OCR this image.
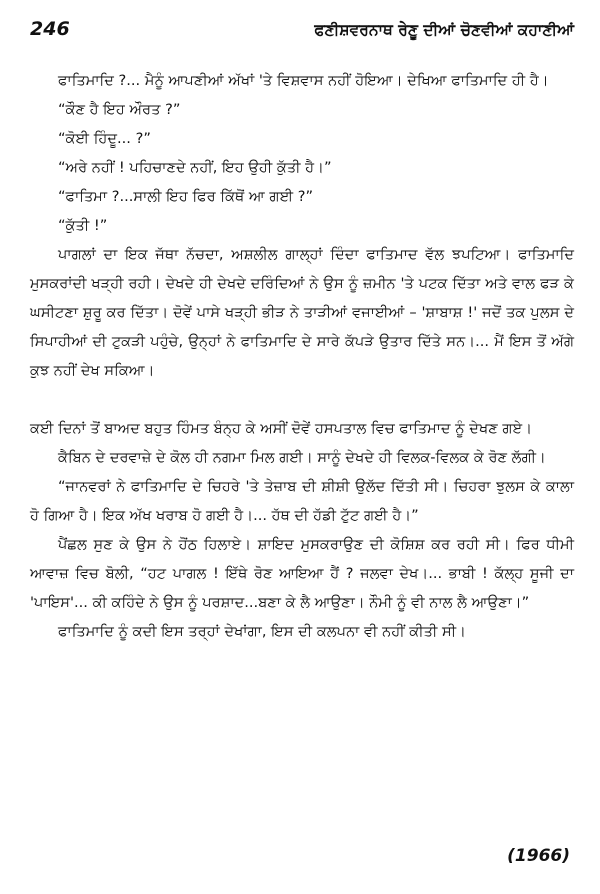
246	ਫਣੀਸ਼ਵਰਨਾਥ ਰੇਣੂ ਦੀਆਂ ਚੋਣਵੀਆਂ ਕਹਾਣੀਆਂ

ਫਾਤਿਮਾਦਿ ?... ਮੈਨੂੰ ਆਪਣੀਆਂ ਅੱਖਾਂ 'ਤੇ ਵਿਸ਼ਵਾਸ ਨਹੀਂ ਹੋਇਆ। ਦੇਖਿਆ ਫਾਤਿਮਾਦਿ ਹੀ ਹੈ।

“ਕੌਣ ਹੈ ਇਹ ਔਰਤ ?”

“ਕੋਈ ਹਿੰਦੂ... ?”

“ਅਰੇ ਨਹੀਂ ! ਪਹਿਚਾਣਦੇ ਨਹੀਂ, ਇਹ ਉਹੀ ਕੁੱਤੀ ਹੈ।”

“ਫਾਤਿਮਾ ?...ਸਾਲੀ ਇਹ ਫਿਰ ਕਿੱਥੋਂ ਆ ਗਈ ?”

“ਕੁੱਤੀ !”

ਪਾਗਲਾਂ ਦਾ ਇਕ ਜੱਥਾ ਨੱਚਦਾ, ਅਸ਼ਲੀਲ ਗਾਲ੍ਹਾਂ ਦਿੰਦਾ ਫਾਤਿਮਾਦ ਵੱਲ ਝਪਟਿਆ। ਫਾਤਿਮਾਦਿ ਮੁਸਕਰਾਂਦੀ ਖੜ੍ਹੀ ਰਹੀ। ਦੇਖਦੇ ਹੀ ਦੇਖਦੇ ਦਰਿੰਦਿਆਂ ਨੇ ਉਸ ਨੂੰ ਜ਼ਮੀਨ 'ਤੇ ਪਟਕ ਦਿੱਤਾ ਅਤੇ ਵਾਲ ਫੜ ਕੇ ਘਸੀਟਣਾ ਸ਼ੁਰੂ ਕਰ ਦਿੱਤਾ। ਦੋਵੇਂ ਪਾਸੇ ਖੜ੍ਹੀ ਭੀੜ ਨੇ ਤਾੜੀਆਂ ਵਜਾਈਆਂ – 'ਸ਼ਾਬਾਸ਼ !' ਜਦੋਂ ਤਕ ਪੁਲਸ ਦੇ ਸਿਪਾਹੀਆਂ ਦੀ ਟੁਕੜੀ ਪਹੁੰਚੇ, ਉਨ੍ਹਾਂ ਨੇ ਫਾਤਿਮਾਦਿ ਦੇ ਸਾਰੇ ਕੱਪੜੇ ਉਤਾਰ ਦਿੱਤੇ ਸਨ।... ਮੈਂ ਇਸ ਤੋਂ ਅੱਗੇ ਕੁਝ ਨਹੀਂ ਦੇਖ ਸਕਿਆ।

ਕਈ ਦਿਨਾਂ ਤੋਂ ਬਾਅਦ ਬਹੁਤ ਹਿੰਮਤ ਬੰਨ੍ਹ ਕੇ ਅਸੀਂ ਦੋਵੇਂ ਹਸਪਤਾਲ ਵਿਚ ਫਾਤਿਮਾਦ ਨੂੰ ਦੇਖਣ ਗਏ।

ਕੈਬਿਨ ਦੇ ਦਰਵਾਜ਼ੇ ਦੇ ਕੋਲ ਹੀ ਨਗਮਾ ਮਿਲ ਗਈ। ਸਾਨੂੰ ਦੇਖਦੇ ਹੀ ਵਿਲਕ-ਵਿਲਕ ਕੇ ਰੋਣ ਲੱਗੀ।

“ਜਾਨਵਰਾਂ ਨੇ ਫਾਤਿਮਾਦਿ ਦੇ ਚਿਹਰੇ 'ਤੇ ਤੇਜ਼ਾਬ ਦੀ ਸ਼ੀਸ਼ੀ ਉਲੱਦ ਦਿੱਤੀ ਸੀ। ਚਿਹਰਾ ਝੁਲਸ ਕੇ ਕਾਲਾ ਹੋ ਗਿਆ ਹੈ। ਇਕ ਅੱਖ ਖਰਾਬ ਹੋ ਗਈ ਹੈ।... ਹੱਥ ਦੀ ਹੱਡੀ ਟੁੱਟ ਗਈ ਹੈ।”

ਪੈਂਛਲ ਸੁਣ ਕੇ ਉਸ ਨੇ ਹੋਂਠ ਹਿਲਾਏ। ਸ਼ਾਇਦ ਮੁਸਕਰਾਉਣ ਦੀ ਕੋਸ਼ਿਸ਼ ਕਰ ਰਹੀ ਸੀ। ਫਿਰ ਧੀਮੀ ਆਵਾਜ਼ ਵਿਚ ਬੋਲੀ, “ਹਟ ਪਾਗਲ ! ਇੱਥੇ ਰੋਣ ਆਇਆ ਹੈਂ ? ਜਲਵਾ ਦੇਖ।... ਭਾਬੀ ! ਕੱਲ੍ਹ ਸੂਜੀ ਦਾ 'ਪਾਇਸ'... ਕੀ ਕਹਿੰਦੇ ਨੇ ਉਸ ਨੂੰ ਪਰਸ਼ਾਦ...ਬਣਾ ਕੇ ਲੈ ਆਉਣਾ। ਨੌਮੀ ਨੂੰ ਵੀ ਨਾਲ ਲੈ ਆਉਣਾ।”

ਫਾਤਿਮਾਦਿ ਨੂੰ ਕਦੀ ਇਸ ਤਰ੍ਹਾਂ ਦੇਖਾਂਗਾ, ਇਸ ਦੀ ਕਲਪਨਾ ਵੀ ਨਹੀਂ ਕੀਤੀ ਸੀ।

(1966)
